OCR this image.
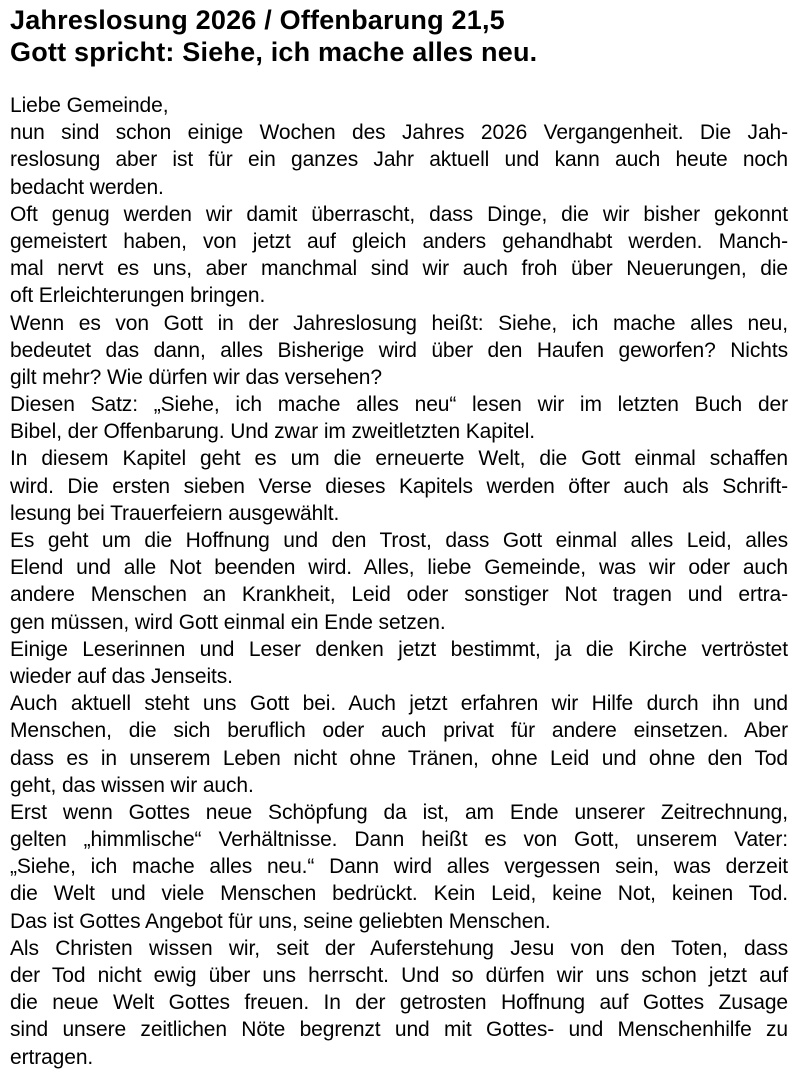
Jahreslosung 2026 / Offenbarung 21,5
Gott spricht: Siehe, ich mache alles neu.
Liebe Gemeinde,
nun sind schon einige Wochen des Jahres 2026 Vergangenheit. Die Jah-
reslosung aber ist für ein ganzes Jahr aktuell und kann auch heute noch
bedacht werden.
Oft genug werden wir damit überrascht, dass Dinge, die wir bisher gekonnt
gemeistert haben, von jetzt auf gleich anders gehandhabt werden. Manch-
mal nervt es uns, aber manchmal sind wir auch froh über Neuerungen, die
oft Erleichterungen bringen.
Wenn es von Gott in der Jahreslosung heißt: Siehe, ich mache alles neu,
bedeutet das dann, alles Bisherige wird über den Haufen geworfen? Nichts
gilt mehr? Wie dürfen wir das versehen?
Diesen Satz: „Siehe, ich mache alles neu“ lesen wir im letzten Buch der
Bibel, der Offenbarung. Und zwar im zweitletzten Kapitel.
In diesem Kapitel geht es um die erneuerte Welt, die Gott einmal schaffen
wird. Die ersten sieben Verse dieses Kapitels werden öfter auch als Schrift-
lesung bei Trauerfeiern ausgewählt.
Es geht um die Hoffnung und den Trost, dass Gott einmal alles Leid, alles
Elend und alle Not beenden wird. Alles, liebe Gemeinde, was wir oder auch
andere Menschen an Krankheit, Leid oder sonstiger Not tragen und ertra-
gen müssen, wird Gott einmal ein Ende setzen.
Einige Leserinnen und Leser denken jetzt bestimmt, ja die Kirche vertröstet
wieder auf das Jenseits.
Auch aktuell steht uns Gott bei. Auch jetzt erfahren wir Hilfe durch ihn und
Menschen, die sich beruflich oder auch privat für andere einsetzen. Aber
dass es in unserem Leben nicht ohne Tränen, ohne Leid und ohne den Tod
geht, das wissen wir auch.
Erst wenn Gottes neue Schöpfung da ist, am Ende unserer Zeitrechnung,
gelten „himmlische“ Verhältnisse. Dann heißt es von Gott, unserem Vater:
„Siehe, ich mache alles neu.“ Dann wird alles vergessen sein, was derzeit
die Welt und viele Menschen bedrückt. Kein Leid, keine Not, keinen Tod.
Das ist Gottes Angebot für uns, seine geliebten Menschen.
Als Christen wissen wir, seit der Auferstehung Jesu von den Toten, dass
der Tod nicht ewig über uns herrscht. Und so dürfen wir uns schon jetzt auf
die neue Welt Gottes freuen. In der getrosten Hoffnung auf Gottes Zusage
sind unsere zeitlichen Nöte begrenzt und mit Gottes- und Menschenhilfe zu
ertragen.
